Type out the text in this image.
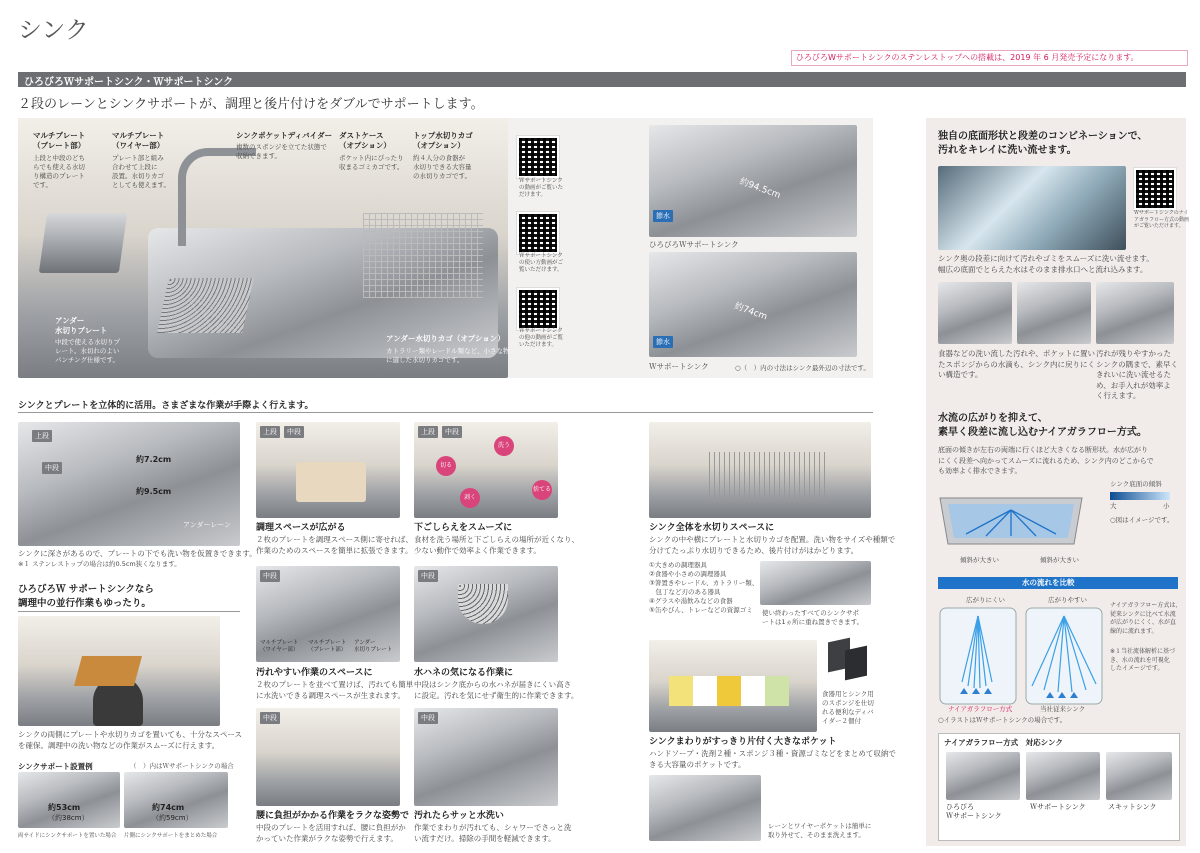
シンク
ひろびろWサポートシンクのステンレストップへの搭載は、2019 年 6 月発売予定になります。
ひろびろＷサポートシンク・Ｗサポートシンク
２段のレーンとシンクサポートが、調理と後片付けをダブルでサポートします。
マルチプレート
（プレート部）
上段と中段のどち
らでも使える水切
り構造のプレート
です。
マルチプレート
（ワイヤー部）
プレート部と組み
合わせて上段に
設置。水切りカゴ
としても使えます。
シンクポケットディバイダー
複数のスポンジを立てた状態で
収納できます。
ダストケース
（オプション）
ポケット内にぴったり
収まるゴミカゴです。
トップ水切りカゴ
（オプション）
約４人分の食器が
水切りできる大容量
の水切りカゴです。
アンダー
水切りプレート
中段で使える水切りプ
レート。水切れのよい
パンチング仕様です。
アンダー水切りカゴ（オプション）
カトラリー類やレードル類など、小さな物
に適した水切りカゴです。
Ｗサポートシンク
の動画がご覧いた
だけます。
Ｗサポートシンク
の使い方動画がご
覧いただけます。
Ｗサポートシンク
の他の動画がご覧
いただけます。
約94.5cm
節水
ひろびろＷサポートシンク
約74cm
節水
Ｗサポートシンク	○（　）内の寸法はシンク最外辺の寸法です。
シンクとプレートを立体的に活用。さまざまな作業が手際よく行えます。
上段
中段
約7.2cm
約9.5cm
アンダーレーン
シンクに深さがあるので、プレートの下でも洗い物を仮置きできます。
※１ ステンレストップの場合は約0.5cm狭くなります。
ひろびろＷ サポートシンクなら
調理中の並行作業もゆったり。
シンクの両側にプレートや水切りカゴを置いても、十分なスペース
を確保。調理中の洗い物などの作業がスムーズに行えます。
シンクサポート設置例	（　）内はＷサポートシンクの場合
約53cm
（約38cm）
約74cm
（約59cm）
両サイドにシンクサポートを置いた場合 片側にシンクサポートをまとめた場合
上段	中段
調理スペースが広がる
２枚のプレートを調理スペース側に寄せれば、
作業のためのスペースを簡単に拡張できます。
中段
マルチプレート
（ワイヤー部）
マルチプレート
（プレート部）
アンダー
水切りプレート
汚れやすい作業のスペースに
２枚のプレートを並べて置けば、汚れても簡単
に水洗いできる調理スペースが生まれます。
中段
腰に負担がかかる作業をラクな姿勢で
中段のプレートを活用すれば、腰に負担がか
かっていた作業がラクな姿勢で行えます。
上段	中段
切る
洗う
剥く
捨てる
下ごしらえをスムーズに
食材を洗う場所と下ごしらえの場所が近くなり、
少ない動作で効率よく作業できます。
中段
水ハネの気になる作業に
中段はシンク底からの水ハネが届きにくい高さ
に設定。汚れを気にせず衛生的に作業できます。
中段
汚れたらサッと水洗い
作業でまわりが汚れても、シャワーでさっと洗
い流すだけ。掃除の手間を軽減できます。
シンク全体を水切りスペースに
シンクの中や横にプレートと水切りカゴを配置。洗い物をサイズや種類で
分けてたっぷり水切りできるため、後片付けがはかどります。
①大きめの調理器具
②食器や小さめの調理器具
③箸置きやレードル、カトラリー類、
　包丁など刃のある器具
④グラスや湯飲みなどの食器
⑤缶やびん、トレーなどの資源ゴミ 使い終わったすべてのシンクサポ
ートは1ヵ所に重ね置きできます。
食器用とシンク用
のスポンジを仕切
れる便利なディバ
イダー２個付
シンクまわりがすっきり片付く大きなポケット
ハンドソープ・洗剤２種・スポンジ３種・資源ゴミなどをまとめて収納で
きる大容量のポケットです。
レーンとワイヤーポケットは簡単に
取り外せて、そのまま洗えます。
独自の底面形状と段差のコンビネーションで、
汚れをキレイに洗い流せます。
Ｗサポートシンクのナイ
アガラフロー方式の動画
がご覧いただけます。
シンク奥の段差に向けて汚れやゴミをスムーズに洗い流せます。
幅広の底面でとらえた水はそのまま排水口へと流れ込みます。
食器などの洗い流した汚れや、ポケットに置い
たスポンジからの水滴も、シンク内に戻りにく
い構造です。
汚れが残りやすかった
シンクの隅まで、素早く
きれいに洗い流せるた
め、お手入れが効率よ
く行えます。
水流の広がりを抑えて、
素早く段差に流し込むナイアガラフロー方式。
底面の傾きが左右の両端に行くほど大きくなる断形状。水が広がり
にくく段差へ向かってスムーズに流れるため、シンク内のどこからで
も効率よく排水できます。
傾斜が大きい	傾斜が大きい
シンク底面の傾斜
大	小
○図はイメージです。
水の流れを比較
広がりにくい	広がりやすい
ナイアガラフロー方式	当社従来シンク
ナイアガラフロー方式は、
従来シンクに比べて水流
が広がりにくく、水が直
線的に流れます。
※１当社流体解析に基づ
き、水の流れを可視化
したイメージです。
○イラストはＷサポートシンクの場合です。
ナイアガラフロー方式　対応シンク
ひろびろ
Ｗサポートシンク
Ｗサポートシンク	スキットシンク
